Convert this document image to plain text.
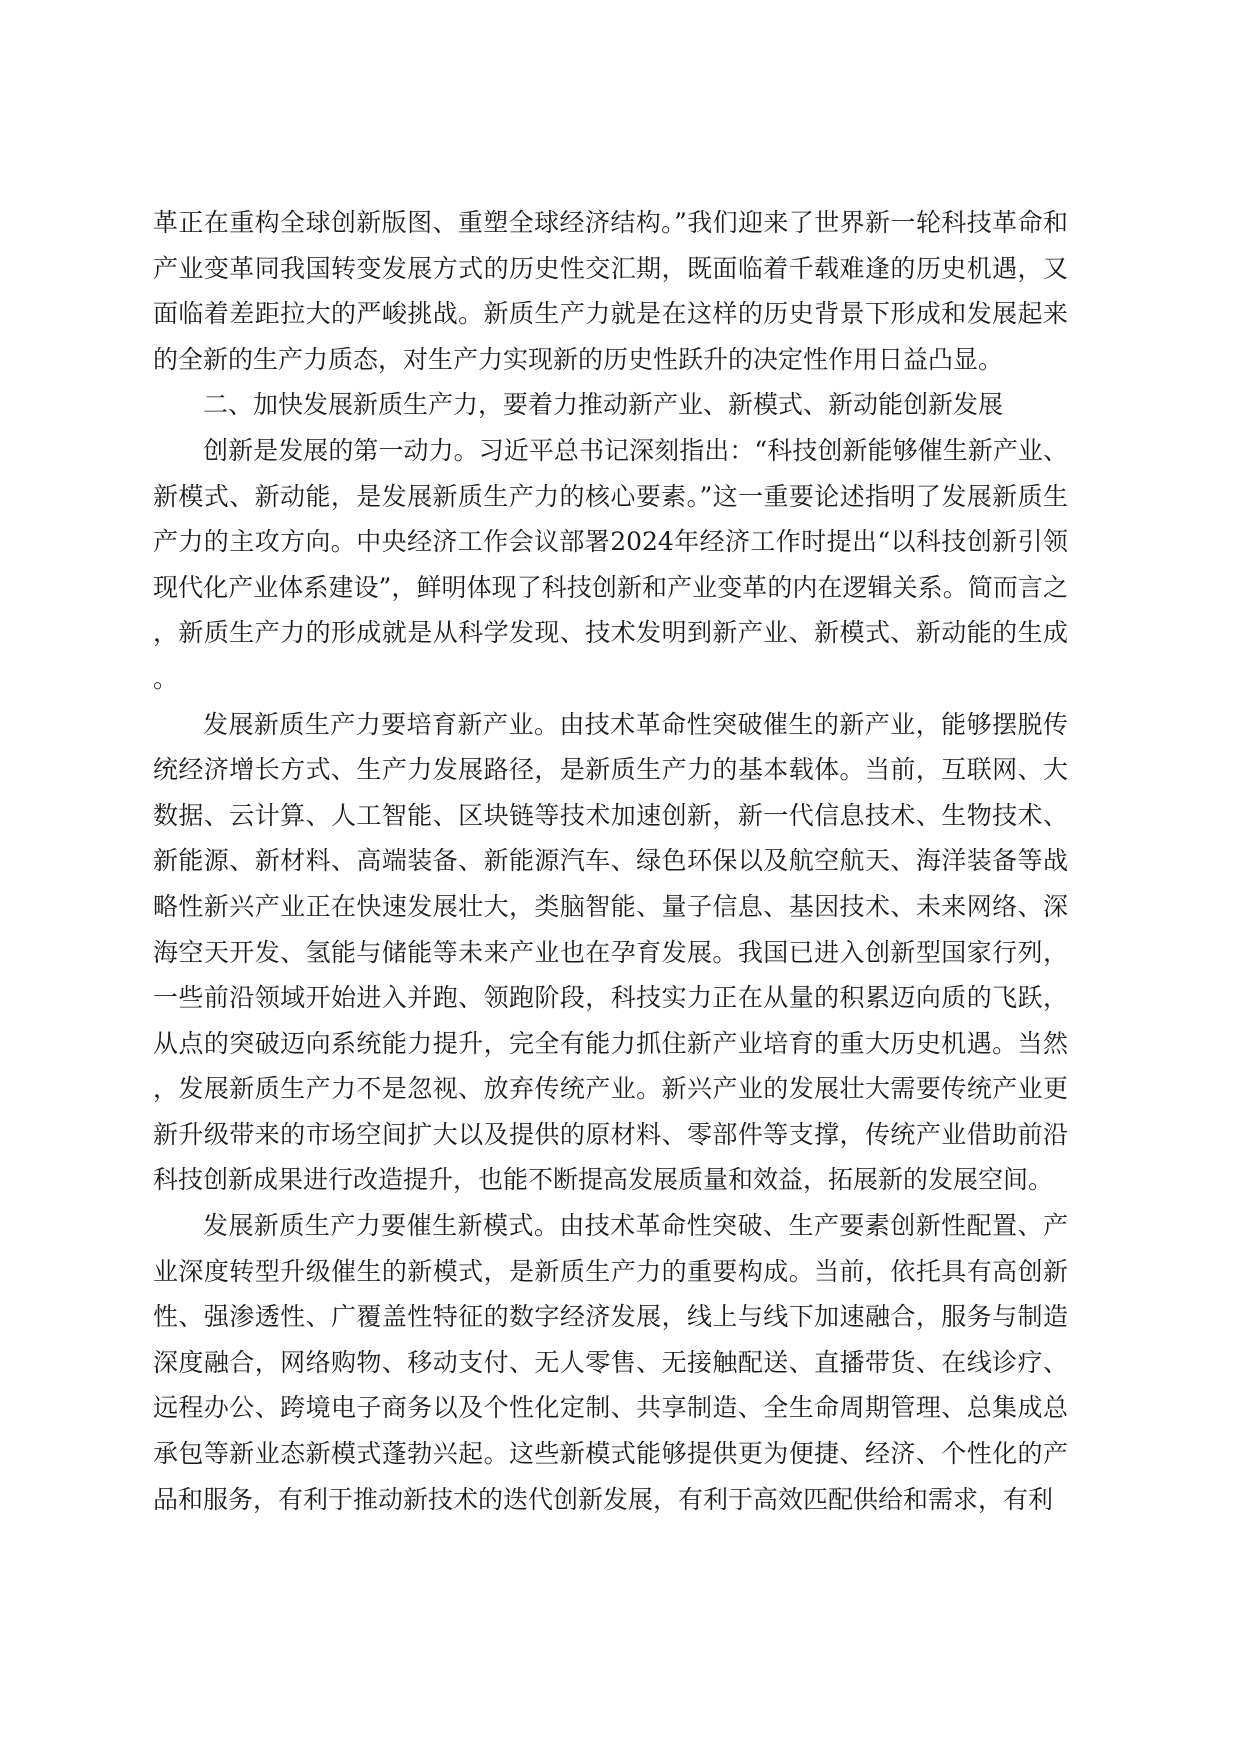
革正在重构全球创新版图、重塑全球经济结构。”我们迎来了世界新一轮科技革命和产业变革同我国转变发展方式的历史性交汇期，既面临着千载难逢的历史机遇，又面临着差距拉大的严峻挑战。新质生产力就是在这样的历史背景下形成和发展起来的全新的生产力质态，对生产力实现新的历史性跃升的决定性作用日益凸显。

二、加快发展新质生产力，要着力推动新产业、新模式、新动能创新发展

创新是发展的第一动力。习近平总书记深刻指出：“科技创新能够催生新产业、新模式、新动能，是发展新质生产力的核心要素。”这一重要论述指明了发展新质生产力的主攻方向。中央经济工作会议部署2024年经济工作时提出“以科技创新引领现代化产业体系建设”，鲜明体现了科技创新和产业变革的内在逻辑关系。简而言之，新质生产力的形成就是从科学发现、技术发明到新产业、新模式、新动能的生成。

发展新质生产力要培育新产业。由技术革命性突破催生的新产业，能够摆脱传统经济增长方式、生产力发展路径，是新质生产力的基本载体。当前，互联网、大数据、云计算、人工智能、区块链等技术加速创新，新一代信息技术、生物技术、新能源、新材料、高端装备、新能源汽车、绿色环保以及航空航天、海洋装备等战略性新兴产业正在快速发展壮大，类脑智能、量子信息、基因技术、未来网络、深海空天开发、氢能与储能等未来产业也在孕育发展。我国已进入创新型国家行列，一些前沿领域开始进入并跑、领跑阶段，科技实力正在从量的积累迈向质的飞跃，从点的突破迈向系统能力提升，完全有能力抓住新产业培育的重大历史机遇。当然，发展新质生产力不是忽视、放弃传统产业。新兴产业的发展壮大需要传统产业更新升级带来的市场空间扩大以及提供的原材料、零部件等支撑，传统产业借助前沿科技创新成果进行改造提升，也能不断提高发展质量和效益，拓展新的发展空间。

发展新质生产力要催生新模式。由技术革命性突破、生产要素创新性配置、产业深度转型升级催生的新模式，是新质生产力的重要构成。当前，依托具有高创新性、强渗透性、广覆盖性特征的数字经济发展，线上与线下加速融合，服务与制造深度融合，网络购物、移动支付、无人零售、无接触配送、直播带货、在线诊疗、远程办公、跨境电子商务以及个性化定制、共享制造、全生命周期管理、总集成总承包等新业态新模式蓬勃兴起。这些新模式能够提供更为便捷、经济、个性化的产品和服务，有利于推动新技术的迭代创新发展，有利于高效匹配供给和需求，有利
